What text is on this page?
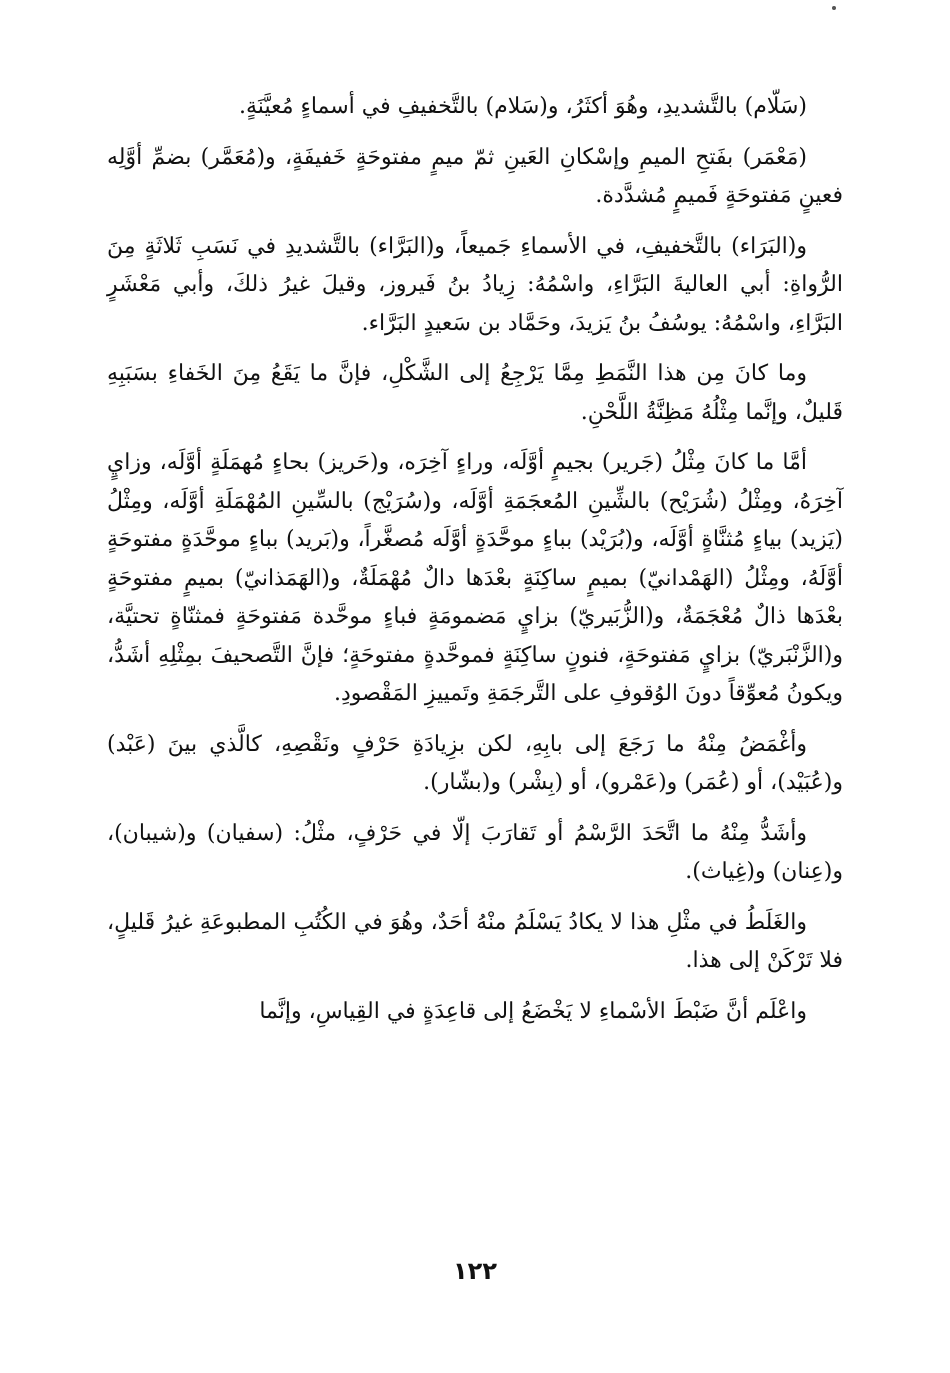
(سَلّام) بالتَّشديدِ، وهُوَ أكثَرُ، و(سَلام) بالتَّخفيفِ في أسماءٍ مُعيَّنَةٍ.

(مَعْمَر) بفَتحِ الميمِ وإسْكانِ العَينِ ثمّ ميمٍ مفتوحَةٍ خَفيفَةٍ، و(مُعَمَّر) بضمِّ أوَّلِه فعينٍ مَفتوحَةٍ فَميمٍ مُشدَّدة.

و(البَرَاء) بالتَّخفيفِ، في الأسماءِ جَميعاً، و(البَرَّاء) بالتَّشديدِ في نَسَبِ ثَلاثَةٍ مِنَ الرُّواةِ: أبي العاليةَ البَرَّاءِ، واسْمُهُ: زِيادُ بنُ فَيروز، وقيلَ غيرُ ذلكَ، وأبي مَعْشَرٍ البَرَّاءِ، واسْمُهُ: يوسُفُ بنُ يَزيدَ، وحَمَّاد بن سَعيدٍ البَرَّاء.

وما كانَ مِن هذا النَّمَطِ مِمَّا يَرْجِعُ إلى الشَّكْلِ، فإنَّ ما يَقَعُ مِنَ الخَفاءِ بسَبَبِهِ قَليلٌ، وإنَّما مِثْلُهُ مَظِنَّةُ اللَّحْنِ.

أمَّا ما كانَ مِثْلُ (جَرير) بجيمٍ أوَّلَه، وراءٍ آخِرَه، و(حَريز) بحاءٍ مُهمَلَةٍ أوَّلَه، وزايٍ آخِرَهُ، ومِثْلُ (شُرَيْح) بالشِّينِ المُعجَمَةِ أوَّلَه، و(سُرَيْج) بالسِّينِ المُهْمَلَةِ أوَّلَه، ومِثْلُ (يَزيد) بياءٍ مُثنَّاةٍ أوَّلَه، و(بُرَيْد) بباءٍ موحَّدَةٍ أوَّلَه مُصغَّراً، و(بَريد) بباءٍ موحَّدَةٍ مفتوحَةٍ أوَّلَهُ، ومِثْلُ (الهَمْدانيّ) بميمٍ ساكِنَةٍ بعْدَها دالٌ مُهْمَلَةٌ، و(الهَمَذانيّ) بميمٍ مفتوحَةٍ بعْدَها ذالٌ مُعْجَمَةٌ، و(الزُّبَيريّ) بزايٍ مَضمومَةٍ فباءٍ موحَّدة مَفتوحَةٍ فمثنّاةٍ تحتيَّة، و(الزَّنْبَريّ) بزايٍ مَفتوحَةٍ، فنونٍ ساكِنَةٍ فموحَّدةٍ مفتوحَةٍ؛ فإنَّ التَّصحيفَ بمِثْلِهِ أشَدُّ، ويكونُ مُعوِّقاً دونَ الوُقوفِ على التَّرجَمَةِ وتَمييزِ المَقْصودِ.

وأغْمَضُ مِنْهُ ما رَجَعَ إلى بابِهِ، لكن بزِيادَةِ حَرْفٍ ونَقْصِهِ، كالَّذي بينَ (عَبْد) و(عُبَيْد)، أو (عُمَر) و(عَمْرو)، أو (بِشْر) و(بشّار).

وأشَدُّ مِنْهُ ما اتَّحَدَ الرَّسْمُ أو تَقارَبَ إلّا في حَرْفٍ، مثْلُ: (سفيان) و(شيبان)، و(عِنان) و(غِياث).

والغَلَطُ في مثْلِ هذا لا يكادُ يَسْلَمُ منْهُ أحَدٌ، وهُوَ في الكُتُبِ المطبوعَةِ غيرُ قَليلٍ، فلا تَرْكَنْ إلى هذا.

واعْلَم أنَّ ضَبْطَ الأسْماءِ لا يَخْضَعُ إلى قاعِدَةٍ في القِياسِ، وإنَّما

١٢٢
